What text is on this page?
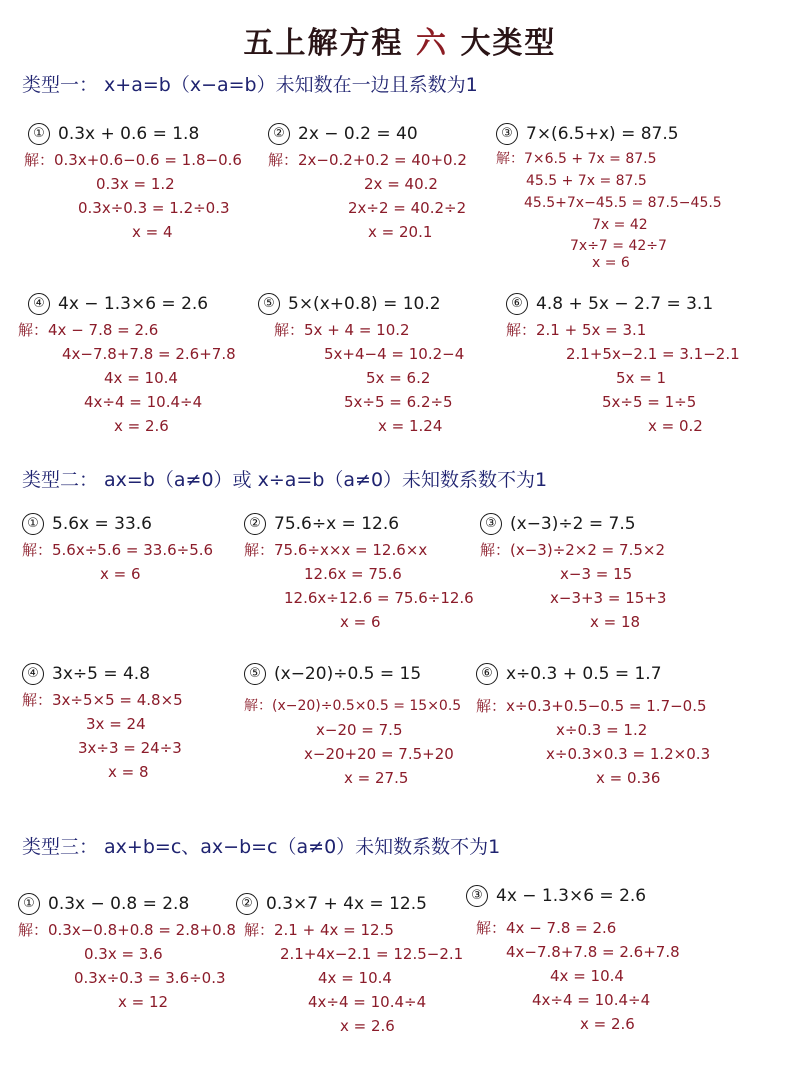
五上解方程 六 大类型
类型一： x+a=b（x−a=b）未知数在一边且系数为1
① 0.3x + 0.6 = 1.8
解：0.3x+0.6−0.6 = 1.8−0.6
0.3x = 1.2
0.3x÷0.3 = 1.2÷0.3
x = 4
② 2x − 0.2 = 40
解：2x−0.2+0.2 = 40+0.2
2x = 40.2
2x÷2 = 40.2÷2
x = 20.1
③ 7×(6.5+x) = 87.5
解：7×6.5 + 7x = 87.5
45.5 + 7x = 87.5
45.5+7x−45.5 = 87.5−45.5
7x = 42
7x÷7 = 42÷7
x = 6
④ 4x − 1.3×6 = 2.6
解：4x − 7.8 = 2.6
4x−7.8+7.8 = 2.6+7.8
4x = 10.4
4x÷4 = 10.4÷4
x = 2.6
⑤ 5×(x+0.8) = 10.2
解：5x + 4 = 10.2
5x+4−4 = 10.2−4
5x = 6.2
5x÷5 = 6.2÷5
x = 1.24
⑥ 4.8 + 5x − 2.7 = 3.1
解：2.1 + 5x = 3.1
2.1+5x−2.1 = 3.1−2.1
5x = 1
5x÷5 = 1÷5
x = 0.2
类型二： ax=b（a≠0）或 x÷a=b（a≠0）未知数系数不为1
① 5.6x = 33.6
解：5.6x÷5.6 = 33.6÷5.6
x = 6
② 75.6÷x = 12.6
解：75.6÷x×x = 12.6×x
12.6x = 75.6
12.6x÷12.6 = 75.6÷12.6
x = 6
③ (x−3)÷2 = 7.5
解：(x−3)÷2×2 = 7.5×2
x−3 = 15
x−3+3 = 15+3
x = 18
④ 3x÷5 = 4.8
解：3x÷5×5 = 4.8×5
3x = 24
3x÷3 = 24÷3
x = 8
⑤ (x−20)÷0.5 = 15
解：(x−20)÷0.5×0.5 = 15×0.5
x−20 = 7.5
x−20+20 = 7.5+20
x = 27.5
⑥ x÷0.3 + 0.5 = 1.7
解：x÷0.3+0.5−0.5 = 1.7−0.5
x÷0.3 = 1.2
x÷0.3×0.3 = 1.2×0.3
x = 0.36
类型三： ax+b=c、ax−b=c（a≠0）未知数系数不为1
① 0.3x − 0.8 = 2.8
解：0.3x−0.8+0.8 = 2.8+0.8
0.3x = 3.6
0.3x÷0.3 = 3.6÷0.3
x = 12
② 0.3×7 + 4x = 12.5
解：2.1 + 4x = 12.5
2.1+4x−2.1 = 12.5−2.1
4x = 10.4
4x÷4 = 10.4÷4
x = 2.6
③ 4x − 1.3×6 = 2.6
解：4x − 7.8 = 2.6
4x−7.8+7.8 = 2.6+7.8
4x = 10.4
4x÷4 = 10.4÷4
x = 2.6
